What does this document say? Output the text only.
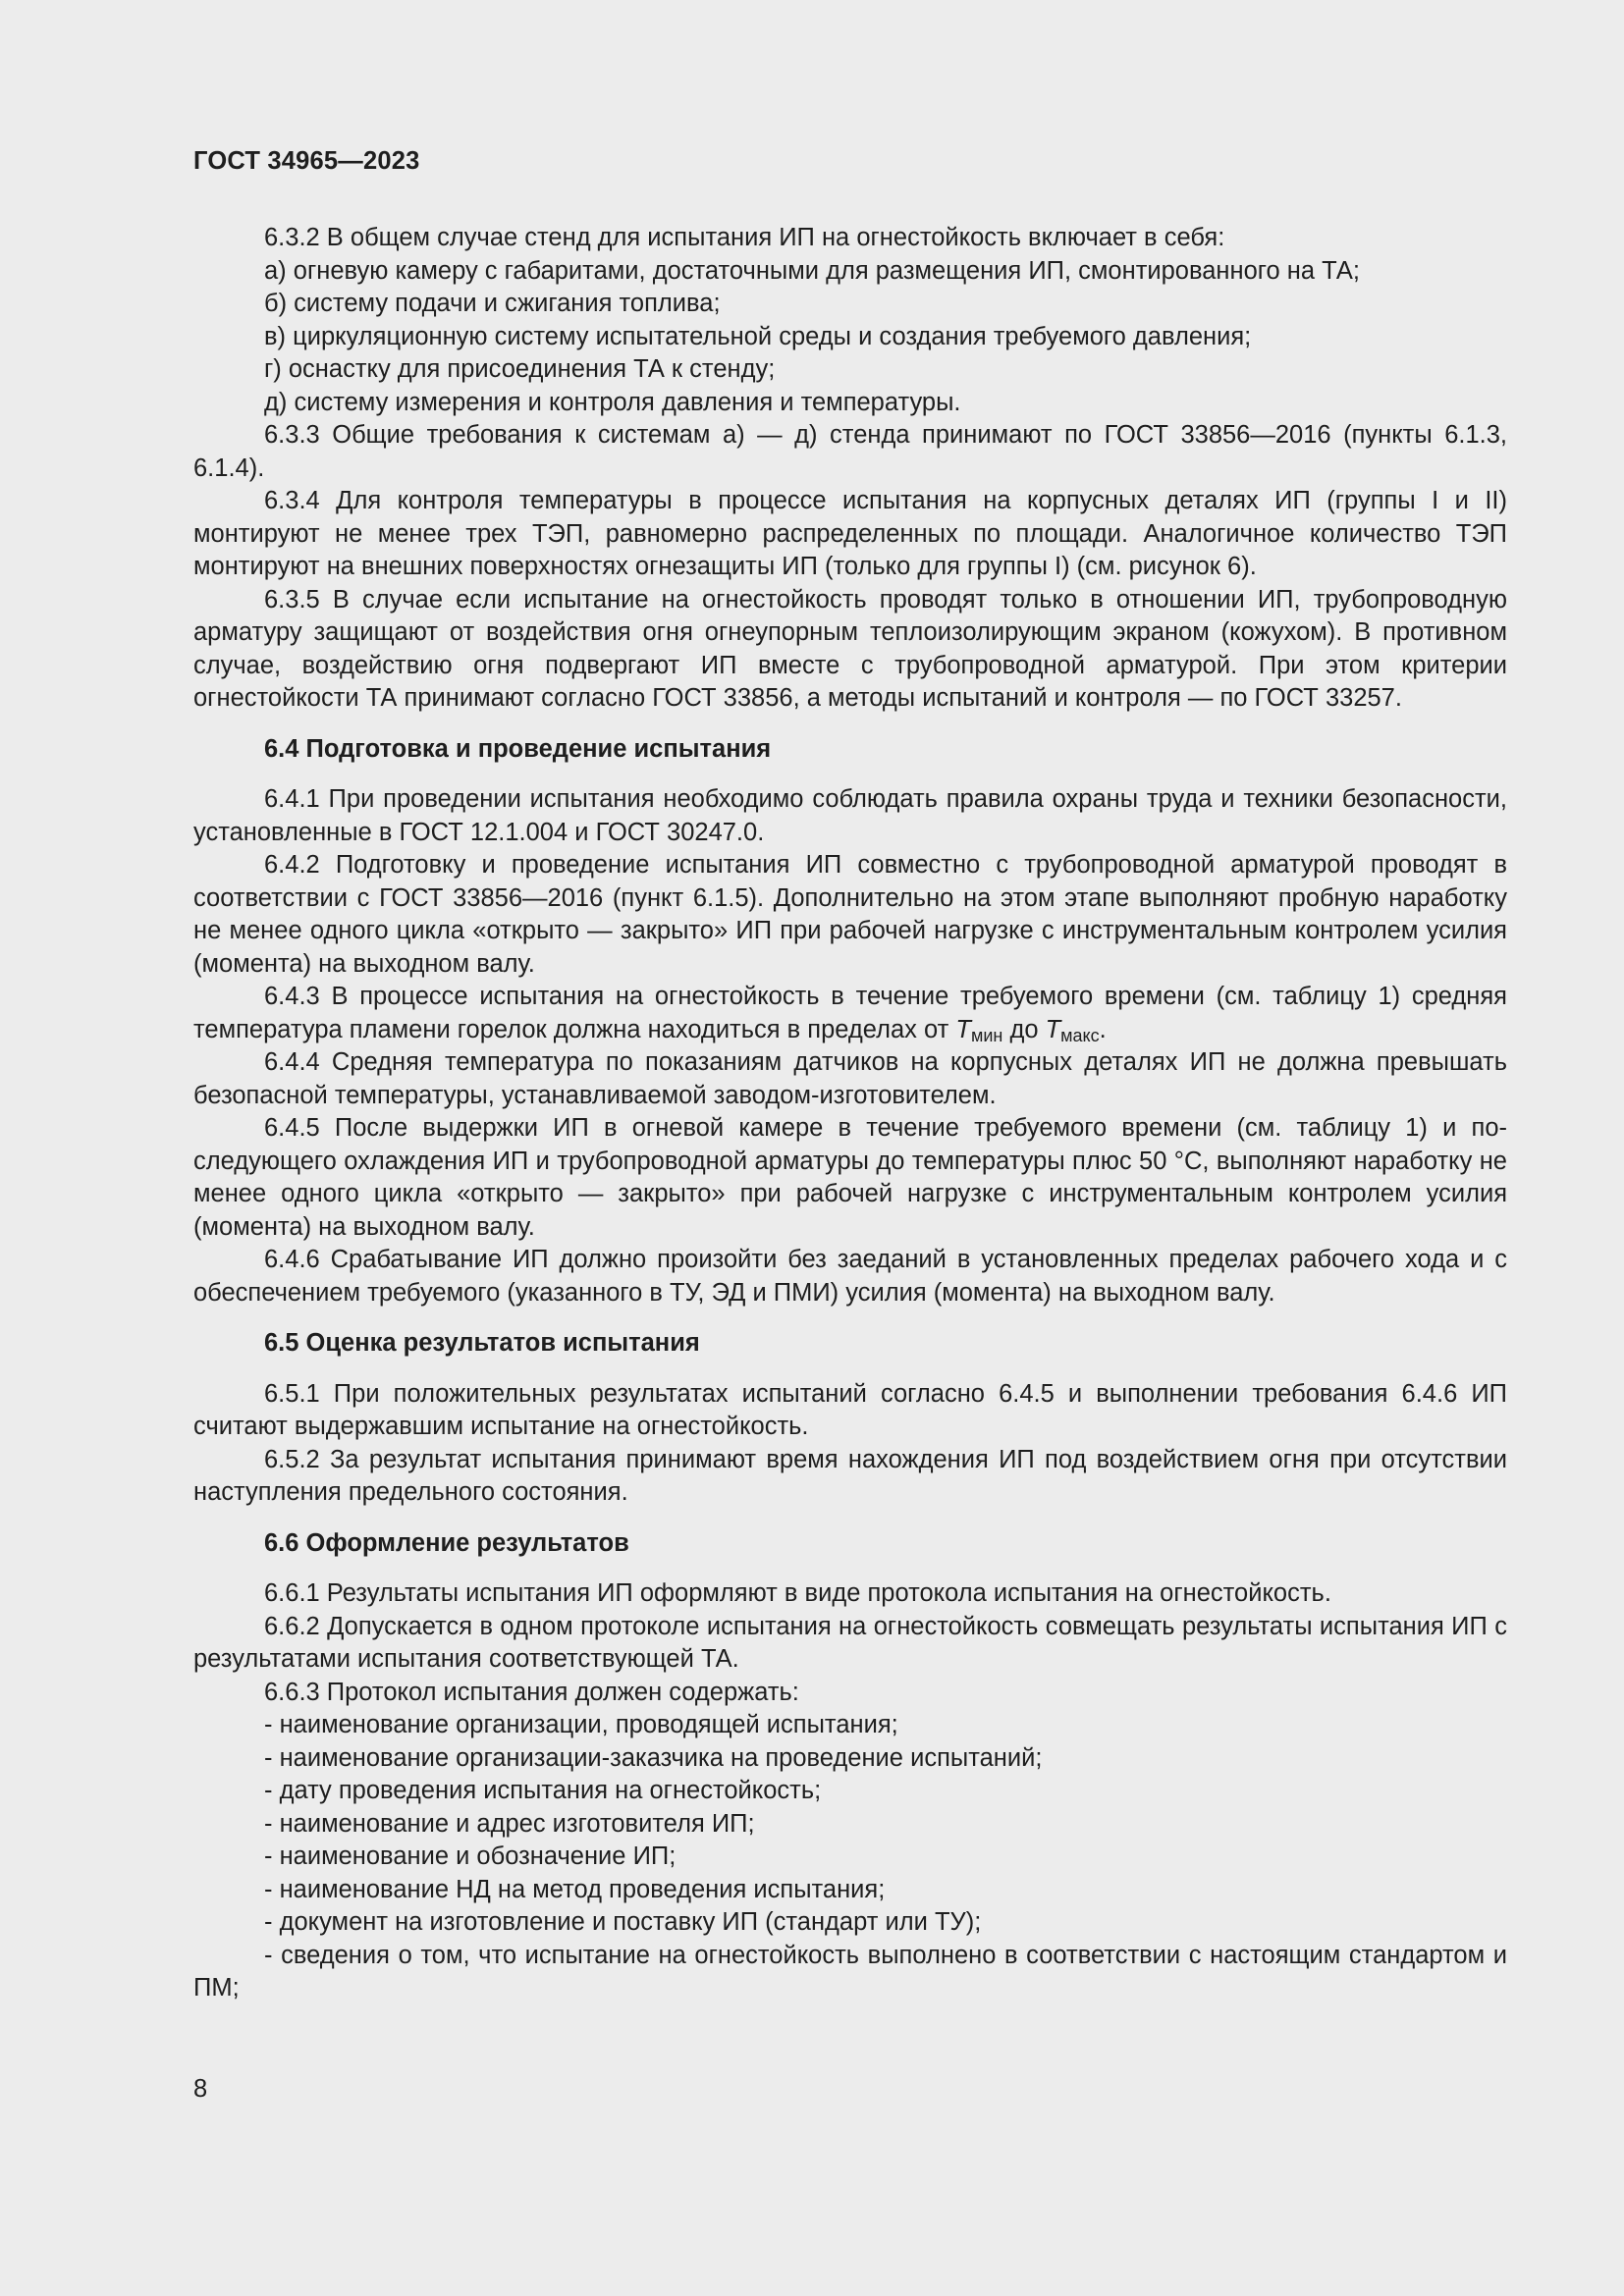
ГОСТ 34965—2023

6.3.2 В общем случае стенд для испытания ИП на огнестойкость включает в себя:

а) огневую камеру с габаритами, достаточными для размещения ИП, смонтированного на ТА;

б) систему подачи и сжигания топлива;

в) циркуляционную систему испытательной среды и создания требуемого давления;

г) оснастку для присоединения ТА к стенду;

д) систему измерения и контроля давления и температуры.

6.3.3 Общие требования к системам а) — д) стенда принимают по ГОСТ 33856—2016 (пункты 6.1.3, 6.1.4).

6.3.4 Для контроля температуры в процессе испытания на корпусных деталях ИП (группы I и II) монтируют не менее трех ТЭП, равномерно распределенных по площади. Аналогичное количество ТЭП монтируют на внешних поверхностях огнезащиты ИП (только для группы I) (см. рисунок 6).

6.3.5 В случае если испытание на огнестойкость проводят только в отношении ИП, трубопроводную арматуру защищают от воздействия огня огнеупорным теплоизолирующим экраном (кожухом). В противном случае, воздействию огня подвергают ИП вместе с трубопроводной арматурой. При этом критерии огнестойкости ТА принимают согласно ГОСТ 33856, а методы испытаний и контроля — по ГОСТ 33257.

6.4 Подготовка и проведение испытания

6.4.1 При проведении испытания необходимо соблюдать правила охраны труда и техники безопасности, установленные в ГОСТ 12.1.004 и ГОСТ 30247.0.

6.4.2 Подготовку и проведение испытания ИП совместно с трубопроводной арматурой проводят в соответствии с ГОСТ 33856—2016 (пункт 6.1.5). Дополнительно на этом этапе выполняют пробную наработку не менее одного цикла «открыто — закрыто» ИП при рабочей нагрузке с инструментальным контролем усилия (момента) на выходном валу.

6.4.3 В процессе испытания на огнестойкость в течение требуемого времени (см. таблицу 1) средняя температура пламени горелок должна находиться в пределах от $T_{мин}$ до $T_{макс}$.

6.4.4 Средняя температура по показаниям датчиков на корпусных деталях ИП не должна превышать безопасной температуры, устанавливаемой заводом-изготовителем.

6.4.5 После выдержки ИП в огневой камере в течение требуемого времени (см. таблицу 1) и последующего охлаждения ИП и трубопроводной арматуры до температуры плюс 50 °С, выполняют наработку не менее одного цикла «открыто — закрыто» при рабочей нагрузке с инструментальным контролем усилия (момента) на выходном валу.

6.4.6 Срабатывание ИП должно произойти без заеданий в установленных пределах рабочего хода и с обеспечением требуемого (указанного в ТУ, ЭД и ПМИ) усилия (момента) на выходном валу.

6.5 Оценка результатов испытания

6.5.1 При положительных результатах испытаний согласно 6.4.5 и выполнении требования 6.4.6 ИП считают выдержавшим испытание на огнестойкость.

6.5.2 За результат испытания принимают время нахождения ИП под воздействием огня при отсутствии наступления предельного состояния.

6.6 Оформление результатов

6.6.1 Результаты испытания ИП оформляют в виде протокола испытания на огнестойкость.

6.6.2 Допускается в одном протоколе испытания на огнестойкость совмещать результаты испытания ИП с результатами испытания соответствующей ТА.

6.6.3 Протокол испытания должен содержать:

- наименование организации, проводящей испытания;

- наименование организации-заказчика на проведение испытаний;

- дату проведения испытания на огнестойкость;

- наименование и адрес изготовителя ИП;

- наименование и обозначение ИП;

- наименование НД на метод проведения испытания;

- документ на изготовление и поставку ИП (стандарт или ТУ);

- сведения о том, что испытание на огнестойкость выполнено в соответствии с настоящим стандартом и ПМ;

8
